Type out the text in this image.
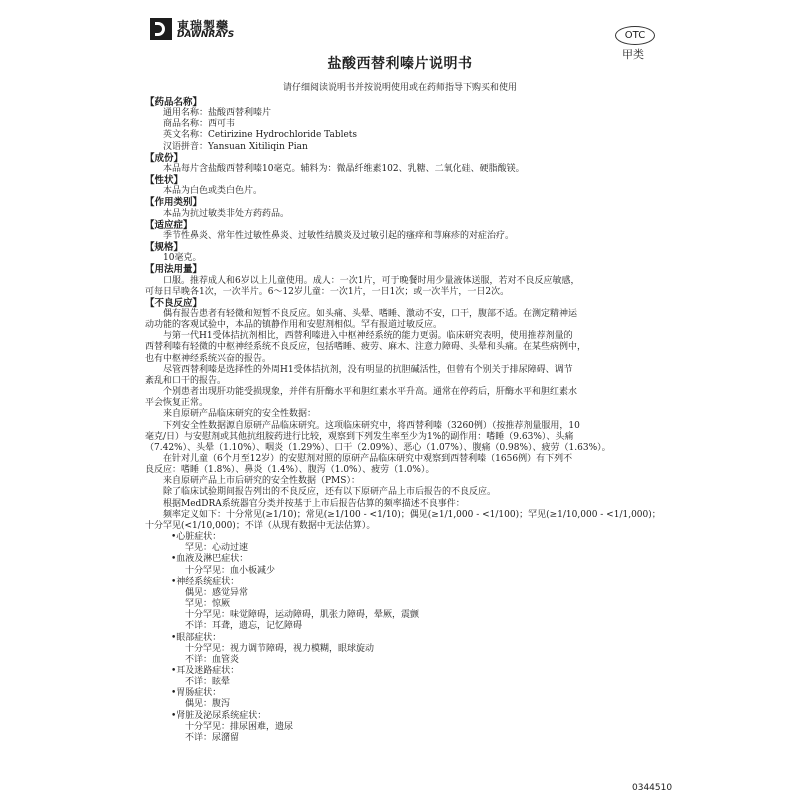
東瑞製藥
DAWNRAYS	OTC
甲类
盐酸西替利嗪片说明书
请仔细阅读说明书并按说明使用或在药师指导下购买和使用
【药品名称】
通用名称：盐酸西替利嗪片
商品名称：西可韦
英文名称：Cetirizine Hydrochloride Tablets
汉语拼音：Yansuan Xitiliqin Pian
【成份】
本品每片含盐酸西替利嗪10毫克。辅料为：微晶纤维素102、乳糖、二氧化硅、硬脂酸镁。
【性状】
本品为白色或类白色片。
【作用类别】
本品为抗过敏类非处方药药品。
【适应症】
季节性鼻炎、常年性过敏性鼻炎、过敏性结膜炎及过敏引起的瘙痒和荨麻疹的对症治疗。
【规格】
10毫克。
【用法用量】
口服。推荐成人和6岁以上儿童使用。成人：一次1片，可于晚餐时用少量液体送服，若对不良反应敏感，
可每日早晚各1次，一次半片。6～12岁儿童：一次1片，一日1次；或一次半片，一日2次。
【不良反应】
偶有报告患者有轻微和短暂不良反应。如头痛、头晕、嗜睡、激动不安，口干，腹部不适。在测定精神运
动功能的客观试验中，本品的镇静作用和安慰剂相似。罕有报道过敏反应。
与第一代H1受体拮抗剂相比，西替利嗪进入中枢神经系统的能力更弱。临床研究表明，使用推荐剂量的
西替利嗪有轻微的中枢神经系统不良反应，包括嗜睡、疲劳、麻木、注意力障碍、头晕和头痛。在某些病例中，
也有中枢神经系统兴奋的报告。
尽管西替利嗪是选择性的外周H1受体拮抗剂，没有明显的抗胆碱活性，但曾有个别关于排尿障碍、调节
紊乱和口干的报告。
个别患者出现肝功能受损现象，并伴有肝酶水平和胆红素水平升高。通常在停药后，肝酶水平和胆红素水
平会恢复正常。
来自原研产品临床研究的安全性数据：
下列安全性数据源自原研产品临床研究。这项临床研究中，将西替利嗪（3260例）（按推荐剂量服用，10
毫克/日）与安慰剂或其他抗组胺药进行比较，观察到下列发生率至少为1%的副作用：嗜睡（9.63%）、头痛
（7.42%）、头晕（1.10%）、咽炎（1.29%）、口干（2.09%）、恶心（1.07%）、腹痛（0.98%）、疲劳（1.63%）。
在针对儿童（6个月至12岁）的安慰剂对照的原研产品临床研究中观察到西替利嗪（1656例）有下列不
良反应：嗜睡（1.8%）、鼻炎（1.4%）、腹泻（1.0%）、疲劳（1.0%）。
来自原研产品上市后研究的安全性数据（PMS）：
除了临床试验期间报告列出的不良反应，还有以下原研产品上市后报告的不良反应。
根据MedDRA系统器官分类并按基于上市后报告估算的频率描述不良事件：
频率定义如下：十分常见(≥1/10)；常见(≥1/100 - <1/10)；偶见(≥1/1,000 - <1/100)；罕见(≥1/10,000 - <1/1,000)；
十分罕见(<1/10,000)；不详（从现有数据中无法估算）。
•心脏症状：
罕见：心动过速
•血液及淋巴症状：
十分罕见：血小板减少
•神经系统症状：
偶见：感觉异常
罕见：惊厥
十分罕见：味觉障碍，运动障碍，肌张力障碍，晕厥，震颤
不详：耳聋，遗忘，记忆障碍
•眼部症状：
十分罕见：视力调节障碍，视力模糊，眼球旋动
不详：血管炎
•耳及迷路症状：
不详：眩晕
•胃肠症状：
偶见：腹泻
•肾脏及泌尿系统症状：
十分罕见：排尿困难，遗尿
不详：尿潴留
0344510
